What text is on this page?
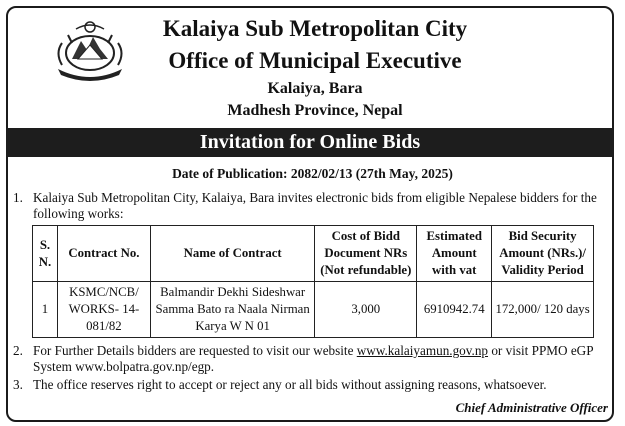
Kalaiya Sub Metropolitan City
Office of Municipal Executive
Kalaiya, Bara
Madhesh Province, Nepal
Invitation for Online Bids
Date of Publication: 2082/02/13 (27th May, 2025)
1. Kalaiya Sub Metropolitan City, Kalaiya, Bara invites electronic bids from eligible Nepalese bidders for the following works:
S. N.	Contract No.	Name of Contract	Cost of Bidd Document NRs (Not refundable)	Estimated Amount with vat	Bid Security Amount (NRs.)/ Validity Period
1	KSMC/NCB/ WORKS- 14- 081/82	Balmandir Dekhi Sideshwar Samma Bato ra Naala Nirman Karya W N 01	3,000	6910942.74	172,000/ 120 days
2. For Further Details bidders are requested to visit our website www.kalaiyamun.gov.np or visit PPMO eGP System www.bolpatra.gov.np/egp.
3. The office reserves right to accept or reject any or all bids without assigning reasons, whatsoever.
Chief Administrative Officer
